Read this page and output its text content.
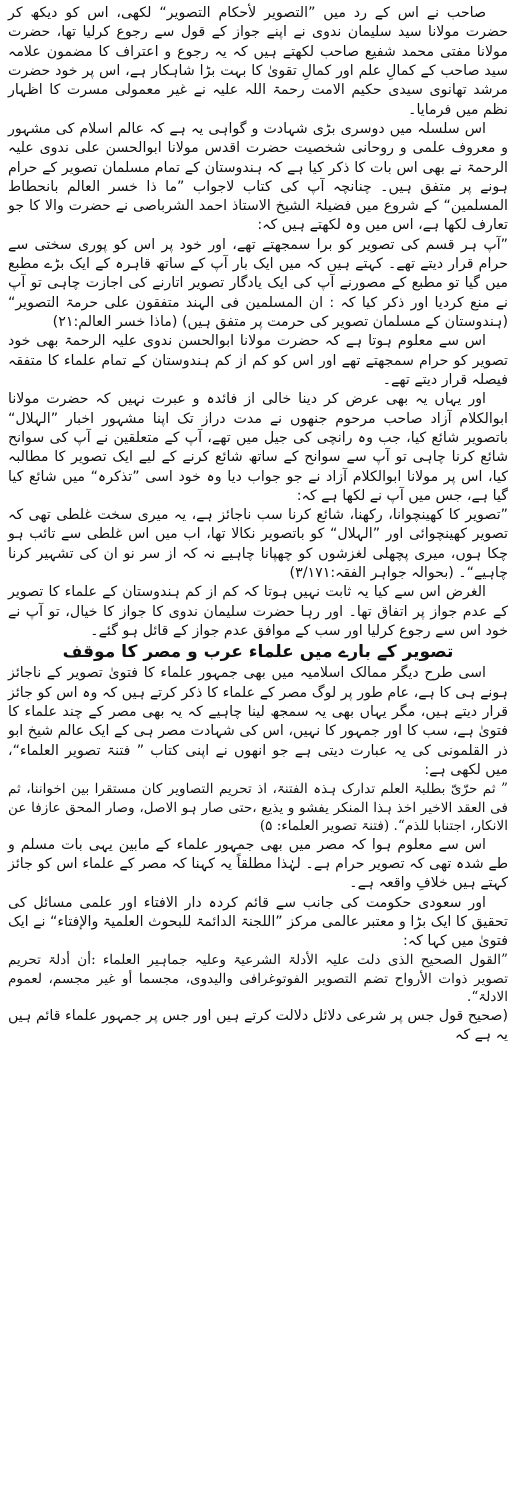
صاحب نے اس کے رد میں ”التصویر لأحکام التصویر“ لکھی، اس کو دیکھ کر حضرت مولانا سید سلیمان ندوی نے اپنے جواز کے قول سے رجوع کرلیا تھا، حضرت مولانا مفتی محمد شفیع صاحب لکھتے ہیں کہ یہ رجوع و اعتراف کا مضمون علامہ سید صاحب کے کمالِ علم اور کمالِ تقویٰ کا بہت بڑا شاہکار ہے، اس پر خود حضرت مرشد تھانوی سیدی حکیم الامت رحمۃ اللہ علیہ نے غیر معمولی مسرت کا اظہار نظم میں فرمایا۔

اس سلسلہ میں دوسری بڑی شہادت و گواہی یہ ہے کہ عالم اسلام کی مشہور و معروف علمی و روحانی شخصیت حضرت اقدس مولانا ابوالحسن علی ندوی علیہ الرحمۃ نے بھی اس بات کا ذکر کیا ہے کہ ہندوستان کے تمام مسلمان تصویر کے حرام ہونے پر متفق ہیں۔ چنانچہ آپ کی کتاب لاجواب ”ما ذا خسر العالم بانحطاط المسلمین“ کے شروع میں فضیلۃ الشیخ الاستاذ احمد الشرباصی نے حضرت والا کا جو تعارف لکھا ہے، اس میں وہ لکھتے ہیں کہ:

”آپ ہر قسم کی تصویر کو برا سمجھتے تھے، اور خود پر اس کو پوری سختی سے حرام قرار دیتے تھے۔ کہتے ہیں کہ میں ایک بار آپ کے ساتھ قاہرہ کے ایک بڑے مطبع میں گیا تو مطبع کے مصورنے آپ کی ایک یادگار تصویر اتارنے کی اجازت چاہی تو آپ نے منع کردیا اور ذکر کیا کہ : ان المسلمین فی الہند متفقون علی حرمۃ التصویر“ (ہندوستان کے مسلمان تصویر کی حرمت پر متفق ہیں) (ماذا خسر العالم:۲۱)

اس سے معلوم ہوتا ہے کہ حضرت مولانا ابوالحسن ندوی علیہ الرحمۃ بھی خود تصویر کو حرام سمجھتے تھے اور اس کو کم از کم ہندوستان کے تمام علماء کا متفقہ فیصلہ قرار دیتے تھے۔

اور یہاں یہ بھی عرض کر دینا خالی از فائدہ و عبرت نہیں کہ حضرت مولانا ابوالکلام آزاد صاحب مرحوم جنھوں نے مدت دراز تک اپنا مشہور اخبار ”الہلال“ باتصویر شائع کیا، جب وہ رانچی کی جیل میں تھے، آپ کے متعلقین نے آپ کی سوانح شائع کرنا چاہی تو آپ سے سوانح کے ساتھ شائع کرنے کے لیے ایک تصویر کا مطالبہ کیا، اس پر مولانا ابوالکلام آزاد نے جو جواب دیا وہ خود اسی ”تذکرہ“ میں شائع کیا گیا ہے، جس میں آپ نے لکھا ہے کہ:

”تصویر کا کھینچوانا، رکھنا، شائع کرنا سب ناجائز ہے، یہ میری سخت غلطی تھی کہ تصویر کھینچوائی اور ”الہلال“ کو باتصویر نکالا تھا، اب میں اس غلطی سے تائب ہو چکا ہوں، میری پچھلی لغزشوں کو چھپانا چاہیے نہ کہ از سر نو ان کی تشہیر کرنا چاہیے“۔ (بحوالہ جواہر الفقہ:۳/۱۷۱)

الغرض اس سے کیا یہ ثابت نہیں ہوتا کہ کم از کم ہندوستان کے علماء کا تصویر کے عدم جواز پر اتفاق تھا۔ اور رہا حضرت سلیمان ندوی کا جواز کا خیال، تو آپ نے خود اس سے رجوع کرلیا اور سب کے موافق عدم جواز کے قائل ہو گئے۔

تصویر کے بارے میں علماء عرب و مصر کا موقف

اسی طرح دیگر ممالک اسلامیہ میں بھی جمہور علماء کا فتویٰ تصویر کے ناجائز ہونے ہی کا ہے، عام طور پر لوگ مصر کے علماء کا ذکر کرتے ہیں کہ وہ اس کو جائز قرار دیتے ہیں، مگر یہاں بھی یہ سمجھ لینا چاہیے کہ یہ بھی مصر کے چند علماء کا فتویٰ ہے، سب کا اور جمہور کا نہیں، اس کی شہادت مصر ہی کے ایک عالم شیخ ابو ذر القلمونی کی یہ عبارت دیتی ہے جو انھوں نے اپنی کتاب ” فتنۃ تصویر العلماء“، میں لکھی ہے:

” ثم حرّیّ بطلبۃ العلم تدارک ہذہ الفتنۃ، اذ تحریم التصاویر کان مستقرا بین اخواننا، ثم فی العقد الاخیر اخذ ہذا المنکر یفشو و یذیع ،حتی صار ہو الاصل، وصار المحق عازفا عن الانکار، اجتنابا للذم“. (فتنۃ تصویر العلماء: ۵)

اس سے معلوم ہوا کہ مصر میں بھی جمہور علماء کے مابین یہی بات مسلم و طے شدہ تھی کہ تصویر حرام ہے۔ لہٰذا مطلقاً یہ کہنا کہ مصر کے علماء اس کو جائز کہتے ہیں خلافِ واقعہ ہے۔

اور سعودی حکومت کی جانب سے قائم کردہ دار الافتاء اور علمی مسائل کی تحقیق کا ایک بڑا و معتبر عالمی مرکز ”اللجنۃ الدائمۃ للبحوث العلمیۃ والإفتاء“ نے ایک فتویٰ میں کہا کہ:

”القول الصحیح الذی دلت علیہ الأدلۃ الشرعیۃ وعلیہ جماہیر العلماء :أن أدلۃ تحریم تصویر ذوات الأرواح تضم التصویر الفوتوغرافی والیدوی، مجسما أو غیر مجسم، لعموم الادلۃ“.

(صحیح قول جس پر شرعی دلائل دلالت کرتے ہیں اور جس پر جمہور علماء قائم ہیں یہ ہے کہ
